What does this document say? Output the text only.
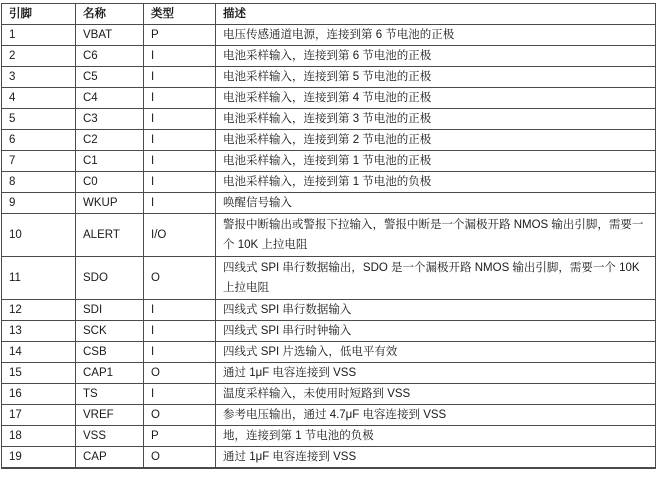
引脚	名称	类型	描述
1	VBAT	P	电压传感通道电源，连接到第 6 节电池的正极
2	C6	I	电池采样输入，连接到第 6 节电池的正极
3	C5	I	电池采样输入，连接到第 5 节电池的正极
4	C4	I	电池采样输入，连接到第 4 节电池的正极
5	C3	I	电池采样输入，连接到第 3 节电池的正极
6	C2	I	电池采样输入，连接到第 2 节电池的正极
7	C1	I	电池采样输入，连接到第 1 节电池的正极
8	C0	I	电池采样输入，连接到第 1 节电池的负极
9	WKUP	I	唤醒信号输入
10	ALERT	I/O	警报中断输出或警报下拉输入，警报中断是一个漏极开路 NMOS 输出引脚，需要一个 10K 上拉电阻
11	SDO	O	四线式 SPI 串行数据输出，SDO 是一个漏极开路 NMOS 输出引脚，需要一个 10K 上拉电阻
12	SDI	I	四线式 SPI 串行数据输入
13	SCK	I	四线式 SPI 串行时钟输入
14	CSB	I	四线式 SPI 片选输入，低电平有效
15	CAP1	O	通过 1μF 电容连接到 VSS
16	TS	I	温度采样输入，未使用时短路到 VSS
17	VREF	O	参考电压输出，通过 4.7μF 电容连接到 VSS
18	VSS	P	地，连接到第 1 节电池的负极
19	CAP	O	通过 1μF 电容连接到 VSS
